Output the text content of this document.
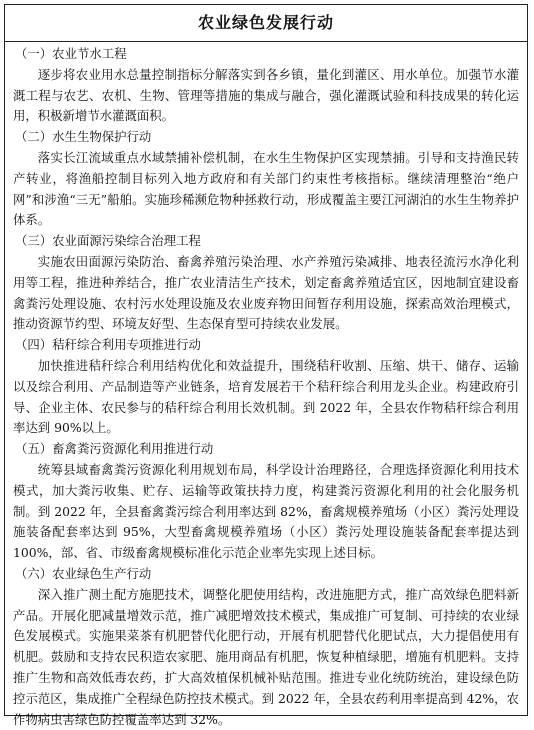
农业绿色发展行动

（一）农业节水工程

逐步将农业用水总量控制指标分解落实到各乡镇，量化到灌区、用水单位。加强节水灌溉工程与农艺、农机、生物、管理等措施的集成与融合，强化灌溉试验和科技成果的转化运用，积极新增节水灌溉面积。

（二）水生生物保护行动

落实长江流域重点水域禁捕补偿机制，在水生生物保护区实现禁捕。引导和支持渔民转产转业，将渔船控制目标列入地方政府和有关部门约束性考核指标。继续清理整治“绝户网”和涉渔“三无”船舶。实施珍稀濒危物种拯救行动，形成覆盖主要江河湖泊的水生生物养护体系。

（三）农业面源污染综合治理工程

实施农田面源污染防治、畜禽养殖污染治理、水产养殖污染减排、地表径流污水净化利用等工程，推进种养结合，推广农业清洁生产技术，划定畜禽养殖适宜区，因地制宜建设畜禽粪污处理设施、农村污水处理设施及农业废弃物田间暂存利用设施，探索高效治理模式，推动资源节约型、环境友好型、生态保育型可持续农业发展。

（四）秸秆综合利用专项推进行动

加快推进秸秆综合利用结构优化和效益提升，围绕秸秆收割、压缩、烘干、储存、运输以及综合利用、产品制造等产业链条，培育发展若干个秸秆综合利用龙头企业。构建政府引导、企业主体、农民参与的秸秆综合利用长效机制。到 2022 年，全县农作物秸秆综合利用率达到 90%以上。

（五）畜禽粪污资源化利用推进行动

统筹县域畜禽粪污资源化利用规划布局，科学设计治理路径，合理选择资源化利用技术模式，加大粪污收集、贮存、运输等政策扶持力度，构建粪污资源化利用的社会化服务机制。到 2022 年，全县畜禽粪污综合利用率达到 82%，畜禽规模养殖场（小区）粪污处理设施装备配套率达到 95%，大型畜禽规模养殖场（小区）粪污处理设施装备配套率提达到 100%，部、省、市级畜禽规模标准化示范企业率先实现上述目标。

（六）农业绿色生产行动

深入推广测土配方施肥技术，调整化肥使用结构，改进施肥方式，推广高效绿色肥料新产品。开展化肥减量增效示范，推广减肥增效技术模式，集成推广可复制、可持续的农业绿色发展模式。实施果菜茶有机肥替代化肥行动，开展有机肥替代化肥试点，大力提倡使用有机肥。鼓励和支持农民积造农家肥、施用商品有机肥，恢复种植绿肥，增施有机肥料。支持推广生物和高效低毒农药，扩大高效植保机械补贴范围。推进专业化统防统治，建设绿色防控示范区，集成推广全程绿色防控技术模式。到 2022 年，全县农药利用率提高到 42%，农作物病虫害绿色防控覆盖率达到 32%。
